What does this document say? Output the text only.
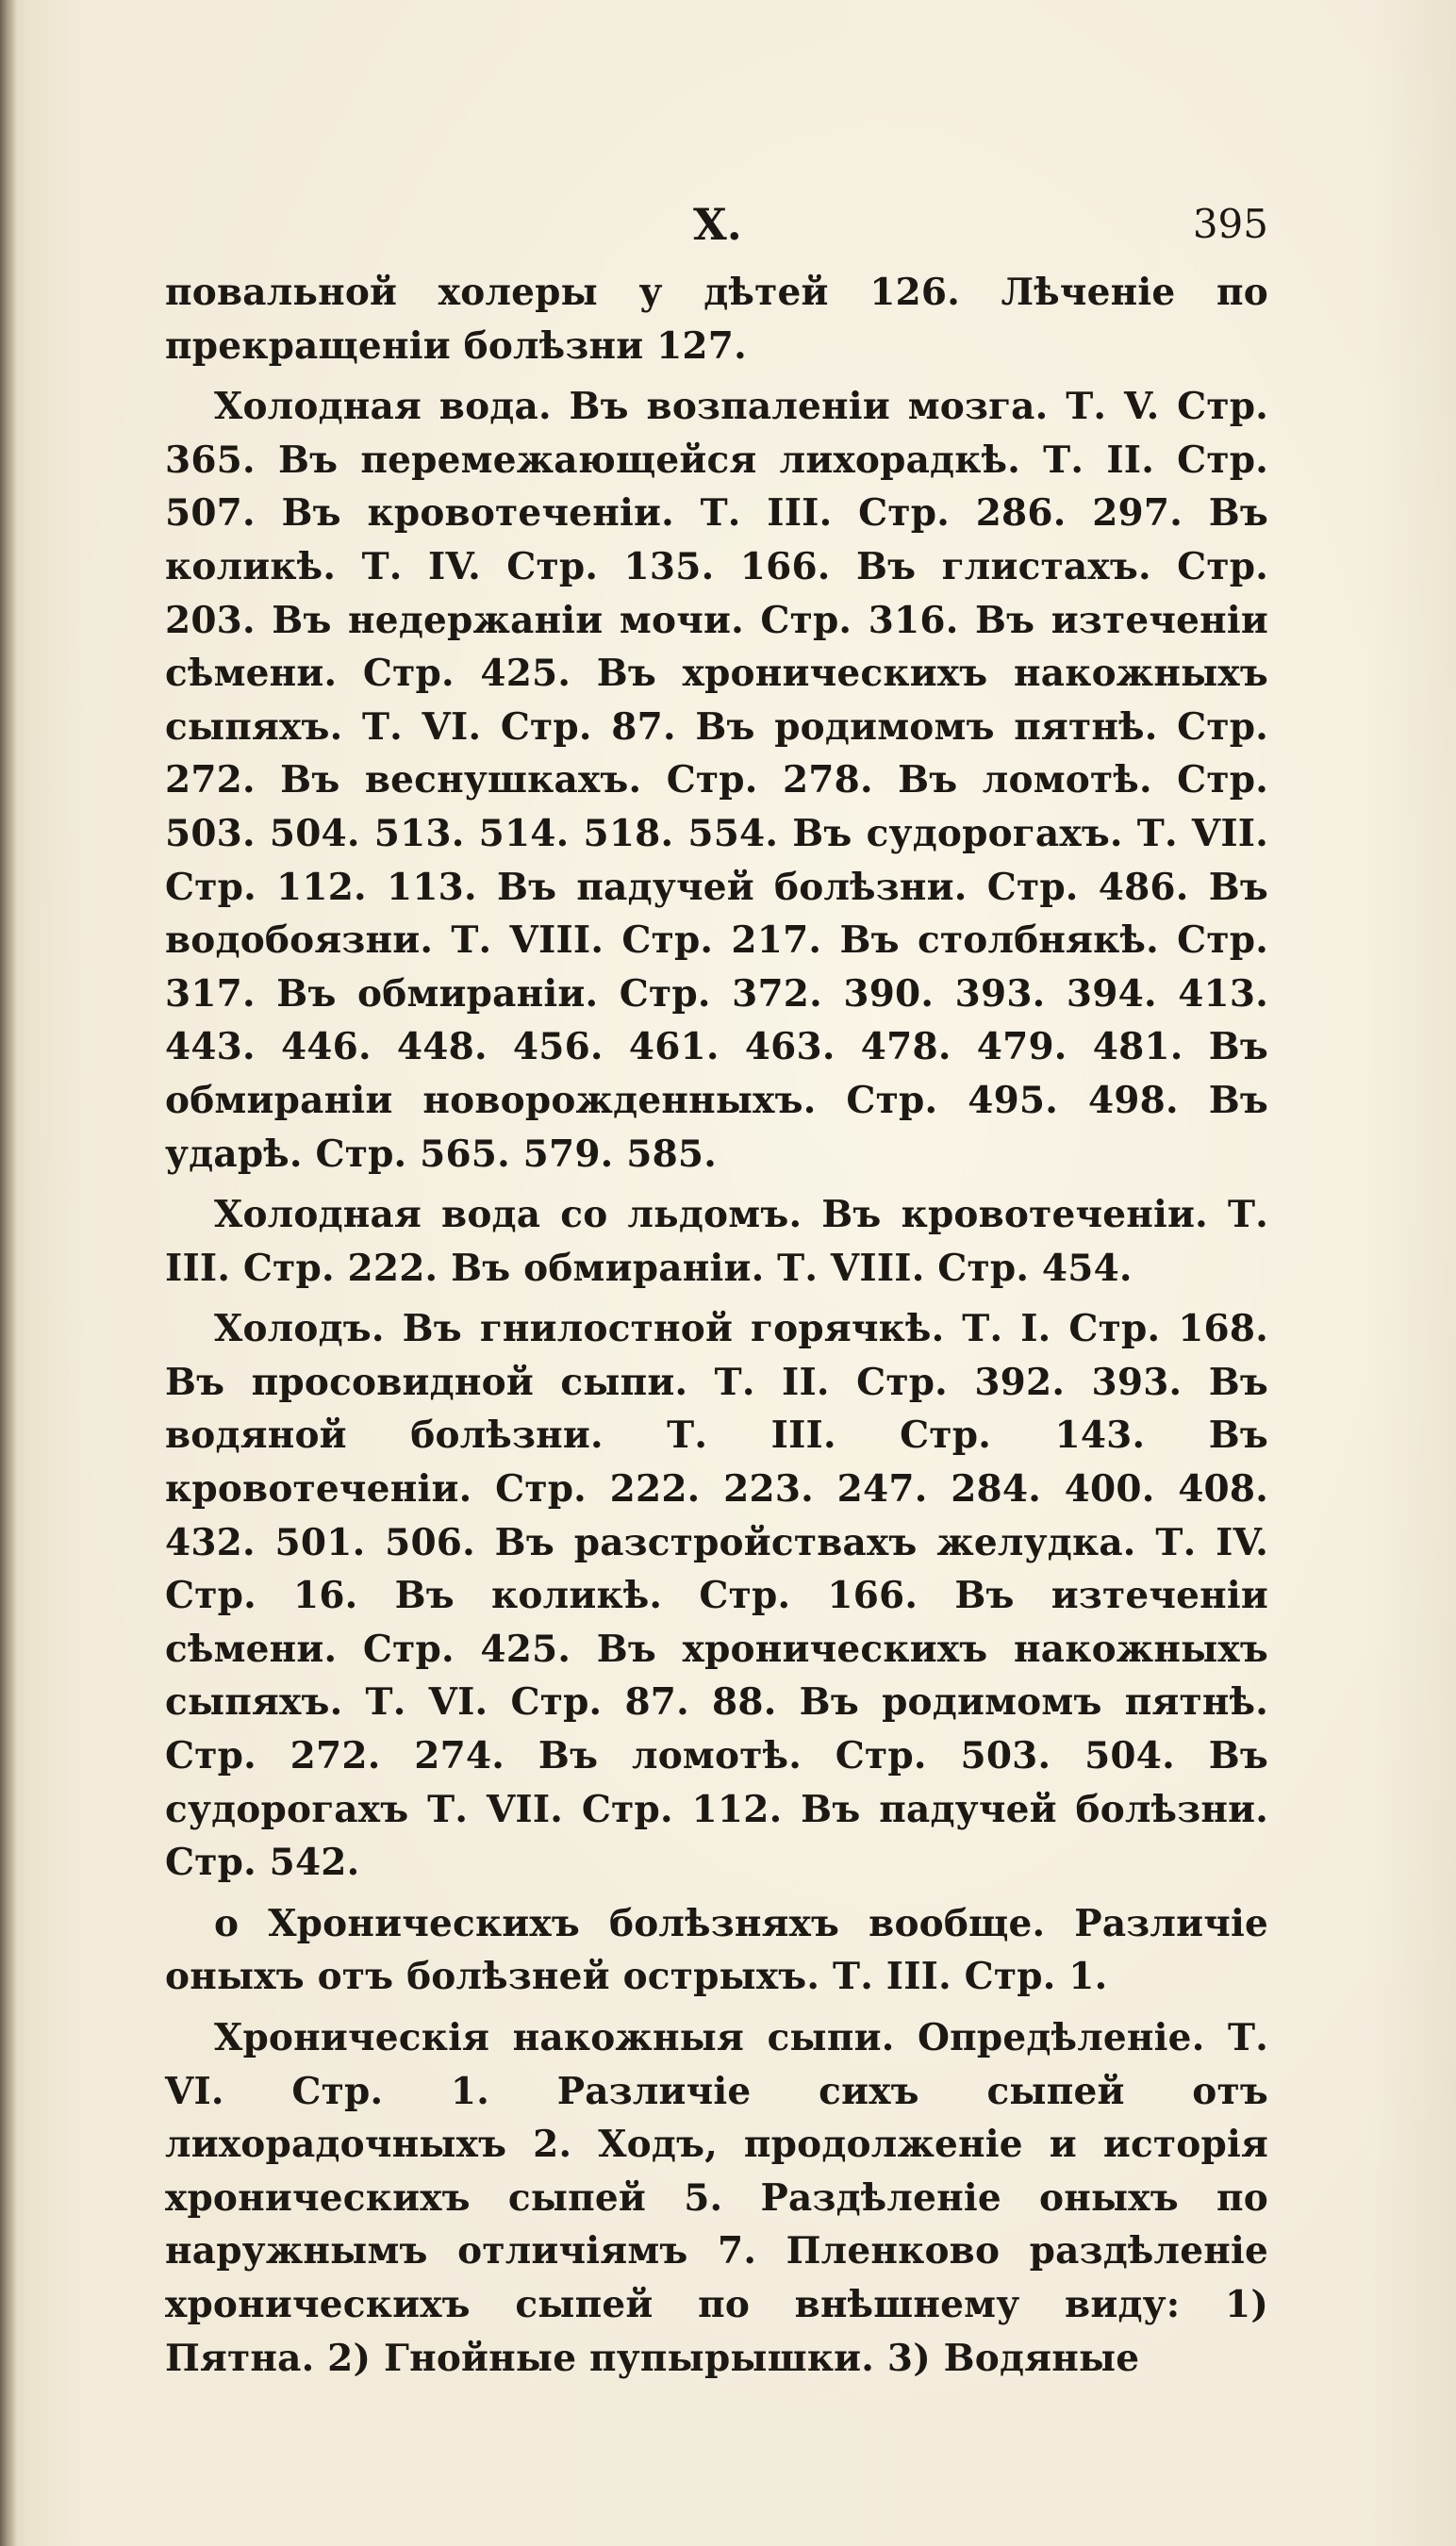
Х.	395

повальной холеры у дѣтей 126. Лѣченіе по прекращеніи болѣзни 127.

Холодная вода. Въ возпаленіи мозга. Т. V. Стр. 365. Въ перемежающейся лихорадкѣ. Т. II. Стр. 507. Въ кровотеченіи. Т. III. Стр. 286. 297. Въ коликѣ. Т. IV. Стр. 135. 166. Въ глистахъ. Стр. 203. Въ недержаніи мочи. Стр. 316. Въ изтеченіи сѣмени. Стр. 425. Въ хроническихъ накожныхъ сыпяхъ. Т. VI. Стр. 87. Въ родимомъ пятнѣ. Стр. 272. Въ веснушкахъ. Стр. 278. Въ ломотѣ. Стр. 503. 504. 513. 514. 518. 554. Въ судорогахъ. Т. VII. Стр. 112. 113. Въ падучей болѣзни. Стр. 486. Въ водобоязни. Т. VIII. Стр. 217. Въ столбнякѣ. Стр. 317. Въ обмираніи. Стр. 372. 390. 393. 394. 413. 443. 446. 448. 456. 461. 463. 478. 479. 481. Въ обмираніи новорожденныхъ. Стр. 495. 498. Въ ударѣ. Стр. 565. 579. 585.

Холодная вода со льдомъ. Въ кровотеченіи. Т. III. Стр. 222. Въ обмираніи. Т. VIII. Стр. 454.

Холодъ. Въ гнилостной горячкѣ. Т. I. Стр. 168. Въ просовидной сыпи. Т. II. Стр. 392. 393. Въ водяной болѣзни. Т. III. Стр. 143. Въ кровотеченіи. Стр. 222. 223. 247. 284. 400. 408. 432. 501. 506. Въ разстройствахъ желудка. Т. IV. Стр. 16. Въ коликѣ. Стр. 166. Въ изтеченіи сѣмени. Стр. 425. Въ хроническихъ накожныхъ сыпяхъ. Т. VI. Стр. 87. 88. Въ родимомъ пятнѣ. Стр. 272. 274. Въ ломотѣ. Стр. 503. 504. Въ судорогахъ Т. VII. Стр. 112. Въ падучей болѣзни. Стр. 542.

о Хроническихъ болѣзняхъ вообще. Различіе оныхъ отъ болѣзней острыхъ. Т. III. Стр. 1.

Хроническія накожныя сыпи. Опредѣленіе. Т. VI. Стр. 1. Различіе сихъ сыпей отъ лихорадочныхъ 2. Ходъ, продолженіе и исторія хроническихъ сыпей 5. Раздѣленіе оныхъ по наружнымъ отличіямъ 7. Пленково раздѣленіе хроническихъ сыпей по внѣшнему виду: 1) Пятна. 2) Гнойные пупырышки. 3) Водяные
